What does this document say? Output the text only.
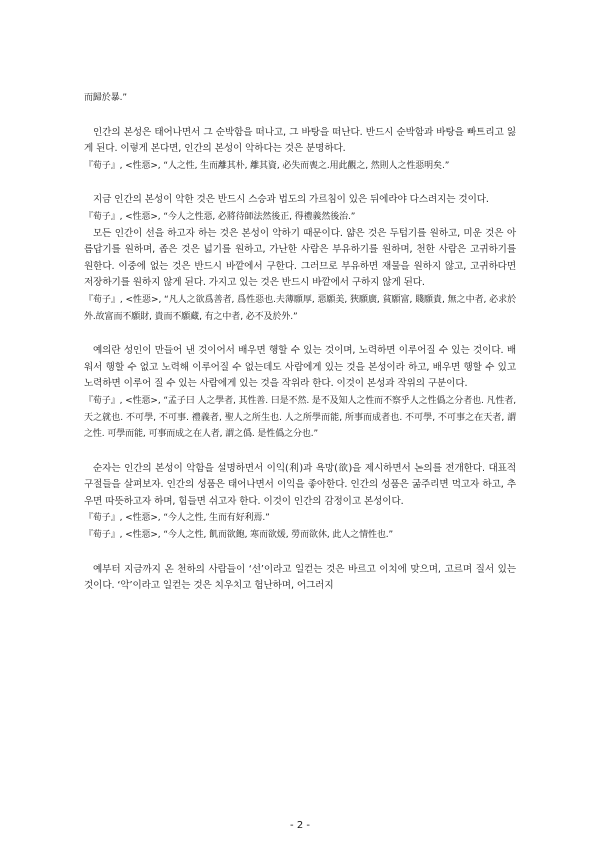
而歸於暴.”

인간의 본성은 태어나면서 그 순박함을 떠나고, 그 바탕을 떠난다. 반드시 순박함과 바탕을 빠트리고 잃게 된다. 이렇게 본다면, 인간의 본성이 악하다는 것은 분명하다.

『荀子』, <性惡>, “人之性, 生而離其朴, 離其資, 必失而喪之.用此觀之, 然則人之性惡明矣.”

지금 인간의 본성이 악한 것은 반드시 스승과 법도의 가르침이 있은 뒤에라야 다스려지는 것이다.

『荀子』, <性惡>, “今人之性惡, 必將待師法然後正, 得禮義然後治.”

모든 인간이 선을 하고자 하는 것은 본성이 악하기 때문이다. 얇은 것은 두텁기를 원하고, 미운 것은 아름답기를 원하며, 좁은 것은 넓기를 원하고, 가난한 사람은 부유하기를 원하며, 천한 사람은 고귀하기를 원한다. 이중에 없는 것은 반드시 바깥에서 구한다. 그러므로 부유하면 재물을 원하지 않고, 고귀하다면 저장하기를 원하지 않게 된다. 가지고 있는 것은 반드시 바깥에서 구하지 않게 된다.

『荀子』, <性惡>, “凡人之欲爲善者, 爲性惡也.夫薄願厚, 惡願美, 狹願廣, 貧願富, 賤願貴, 無之中者, 必求於外.故富而不願財, 貴而不願藏, 有之中者, 必不及於外.”

예의란 성인이 만들어 낸 것이어서 배우면 행할 수 있는 것이며, 노력하면 이루어질 수 있는 것이다. 배워서 행할 수 없고 노력해 이루어질 수 없는데도 사람에게 있는 것을 본성이라 하고, 배우면 행할 수 있고 노력하면 이루어 질 수 있는 사람에게 있는 것을 작위라 한다. 이것이 본성과 작위의 구분이다.

『荀子』, <性惡>, “孟子曰 人之學者, 其性善. 曰是不然. 是不及知人之性而不察乎人之性僞之分者也. 凡性者, 天之就也. 不可學, 不可事. 禮義者, 聖人之所生也. 人之所學而能, 所事而成者也. 不可學, 不可事之在天者, 謂之性. 可學而能, 可事而成之在人者, 謂之僞. 是性僞之分也.”

순자는 인간의 본성이 악함을 설명하면서 이익(利)과 욕망(欲)을 제시하면서 논의를 전개한다. 대표적 구절들을 살펴보자. 인간의 성품은 태어나면서 이익을 좋아한다. 인간의 성품은 굶주리면 먹고자 하고, 추우면 따뜻하고자 하며, 힘들면 쉬고자 한다. 이것이 인간의 감정이고 본성이다.

『荀子』, <性惡>, “今人之性, 生而有好利焉.”

『荀子』, <性惡>, “今人之性, 飢而欲飽, 寒而欲煖, 勞而欲休, 此人之情性也.”

예부터 지금까지 온 천하의 사람들이 ‘선’이라고 일컫는 것은 바르고 이치에 맞으며, 고르며 질서 있는 것이다. ‘악’이라고 일컫는 것은 치우치고 험난하며, 어그러지

- 2 -
